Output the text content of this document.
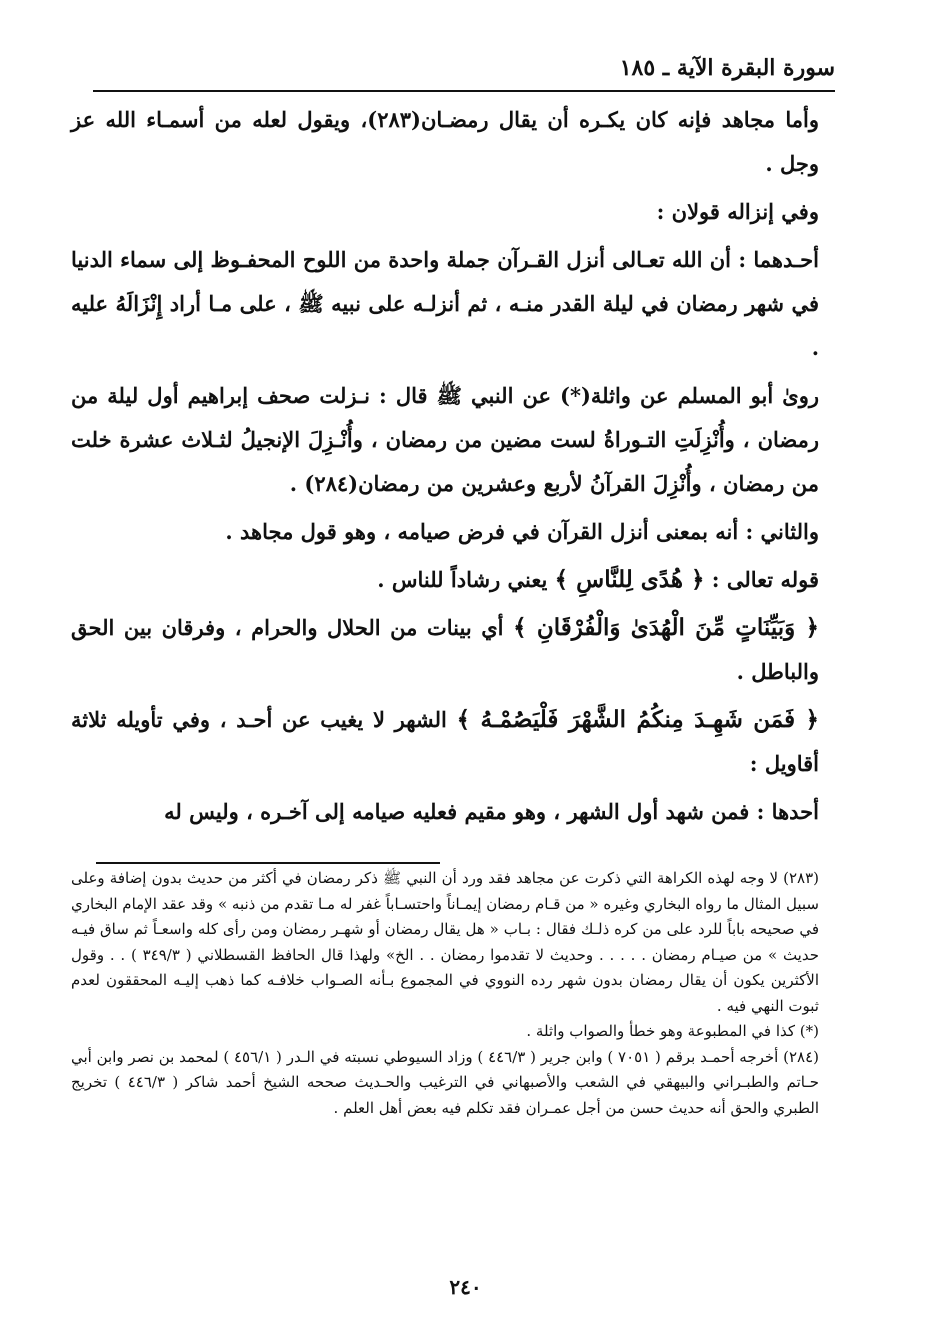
سورة البقرة الآية ـ ١٨٥

وأما مجاهد فإنه كان يكـره أن يقال رمضـان(٢٨٣)، ويقول لعله من أسمـاء الله عز وجل .

وفي إنزاله قولان :

أحـدهما : أن الله تعـالى أنزل القـرآن جملة واحدة من اللوح المحفـوظ إلى سماء الدنيا في شهر رمضان في ليلة القدر منـه ، ثم أنزلـه على نبيه ﷺ ، على مـا أراد إِنْزَالَهُ عليه .

روىٰ أبو المسلم عن واثلة(*) عن النبي ﷺ قال : نـزلت صحف إبراهيم أول ليلة من رمضان ، وأُنْزِلَتِ التـوراةُ لست مضين من رمضان ، وأُنْـزِلَ الإنجيلُ لثـلاث عشرة خلت من رمضان ، وأُنْزِلَ القرآنُ لأربع وعشرين من رمضان(٢٨٤) .

والثاني : أنه بمعنى أنزل القرآن في فرض صيامه ، وهو قول مجاهد .

قوله تعالى : ﴿ هُدًى لِلنَّاسِ ﴾ يعني رشاداً للناس .

﴿ وَبَيِّنَاتٍ مِّنَ الْهُدَىٰ وَالْفُرْقَانِ ﴾ أي بينات من الحلال والحرام ، وفرقان بين الحق والباطل .

﴿ فَمَن شَهِـدَ مِنكُمُ الشَّهْرَ فَلْيَصُمْـهُ ﴾ الشهر لا يغيب عن أحـد ، وفي تأويله ثلاثة أقاويل :

أحدها : فمن شهد أول الشهر ، وهو مقيم فعليه صيامه إلى آخـره ، وليس له

(٢٨٣) لا وجه لهذه الكراهة التي ذكرت عن مجاهد فقد ورد أن النبي ﷺ ذكر رمضان في أكثر من حديث بدون إضافة وعلى سبيل المثال ما رواه البخاري وغيره « من قـام رمضان إيمـاناً واحتسـاباً غفر له مـا تقدم من ذنبه » وقد عقد الإمام البخاري في صحيحه باباً للرد على من كره ذلـك فقال : بـاب « هل يقال رمضان أو شهـر رمضان ومن رأى كله واسعـاً ثم ساق فيـه حديث » من صيـام رمضان . . . . . وحديث لا تقدموا رمضان . . الخ» ولهذا قال الحافظ القسطلاني ( ٣٤٩/٣ ) . . وقول الأكثرين يكون أن يقال رمضان بدون شهر رده النووي في المجموع بـأنه الصـواب خلافـه كما ذهب إليـه المحققون لعدم ثبوت النهي فيه .

(*) كذا في المطبوعة وهو خطأ والصواب واثلة .

(٢٨٤) أخرجه أحمـد برقم ( ٧٠٥١ ) وابن جرير ( ٤٤٦/٣ ) وزاد السيوطي نسبته في الـدر ( ٤٥٦/١ ) لمحمد بن نصر وابن أبي حـاتم والطبـراني والبيهقي في الشعب والأصبهاني في الترغيب والحـديث صححه الشيخ أحمد شاكر ( ٤٤٦/٣ ) تخريج الطبري والحق أنه حديث حسن من أجل عمـران فقد تكلم فيه بعض أهل العلم .

٢٤٠
